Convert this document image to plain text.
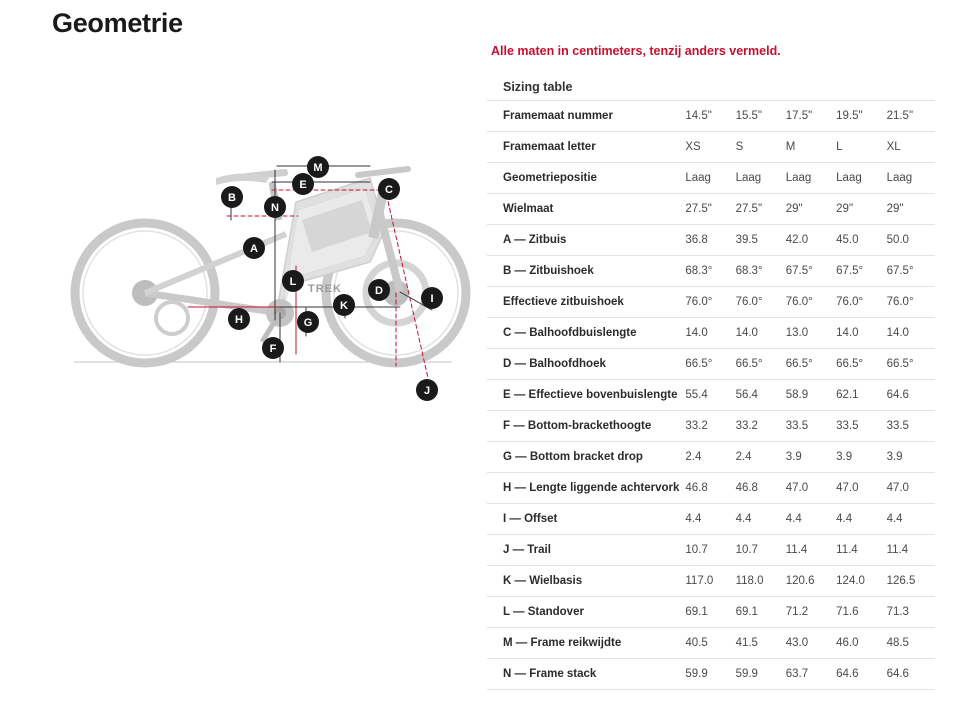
Geometrie
TREK
M
B
E	C
N
A
L
D
I
K
H	G
F
J
Alle maten in centimeters, tenzij anders vermeld.
Sizing table
Framemaat nummer	14.5"	15.5"	17.5"	19.5"	21.5"
Framemaat letter	XS	S	M	L	XL
Geometriepositie	Laag	Laag	Laag	Laag	Laag
Wielmaat	27.5"	27.5"	29"	29"	29"
A — Zitbuis	36.8	39.5	42.0	45.0	50.0
B — Zitbuishoek	68.3°	68.3°	67.5°	67.5°	67.5°
Effectieve zitbuishoek	76.0°	76.0°	76.0°	76.0°	76.0°
C — Balhoofdbuislengte	14.0	14.0	13.0	14.0	14.0
D — Balhoofdhoek	66.5°	66.5°	66.5°	66.5°	66.5°
E — Effectieve bovenbuislengte	55.4	56.4	58.9	62.1	64.6
F — Bottom-brackethoogte	33.2	33.2	33.5	33.5	33.5
G — Bottom bracket drop	2.4	2.4	3.9	3.9	3.9
H — Lengte liggende achtervork	46.8	46.8	47.0	47.0	47.0
I — Offset	4.4	4.4	4.4	4.4	4.4
J — Trail	10.7	10.7	11.4	11.4	11.4
K — Wielbasis	117.0	118.0	120.6	124.0	126.5
L — Standover	69.1	69.1	71.2	71.6	71.3
M — Frame reikwijdte	40.5	41.5	43.0	46.0	48.5
N — Frame stack	59.9	59.9	63.7	64.6	64.6
